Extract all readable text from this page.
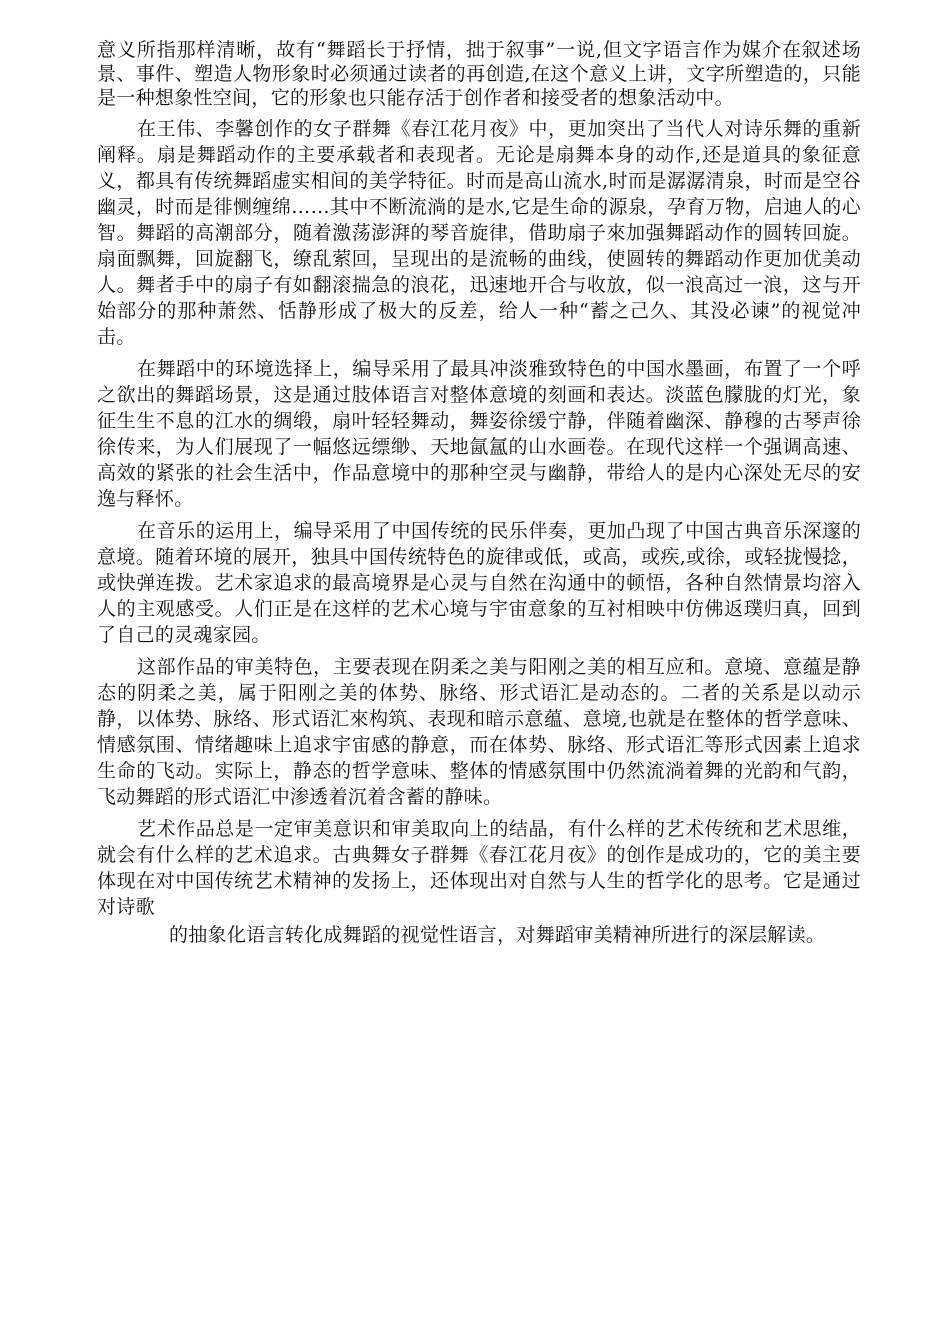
意义所指那样清晰，故有“舞蹈长于抒情，拙于叙事”一说,但文字语言作为媒介在叙述场景、事件、塑造人物形象时必须通过读者的再创造,在这个意义上讲，文字所塑造的，只能是一种想象性空间，它的形象也只能存活于创作者和接受者的想象活动中。

在王伟、李馨创作的女子群舞《春江花月夜》中，更加突出了当代人对诗乐舞的重新阐释。扇是舞蹈动作的主要承载者和表现者。无论是扇舞本身的动作,还是道具的象征意义，都具有传统舞蹈虚实相间的美学特征。时而是高山流水,时而是潺潺清泉，时而是空谷幽灵，时而是徘恻缠绵……其中不断流淌的是水,它是生命的源泉，孕育万物，启迪人的心智。舞蹈的高潮部分，随着激荡澎湃的琴音旋律，借助扇子來加强舞蹈动作的圆转回旋。扇面飘舞，回旋翻飞，缭乱萦回，呈现出的是流畅的曲线，使圆转的舞蹈动作更加优美动人。舞者手中的扇子有如翻滚揣急的浪花，迅速地开合与收放，似一浪高过一浪，这与开始部分的那种萧然、恬静形成了极大的反差，给人一种“蓄之己久、其没必谏”的视觉冲击。

在舞蹈中的环境选择上，编导采用了最具冲淡雅致特色的中国水墨画，布置了一个呼之欲出的舞蹈场景，这是通过肢体语言对整体意境的刻画和表达。淡蓝色朦胧的灯光，象征生生不息的江水的绸缎，扇叶轻轻舞动，舞姿徐缓宁静，伴随着幽深、静穆的古琴声徐徐传来，为人们展现了一幅悠远缥缈、天地氤氲的山水画卷。在现代这样一个强调高速、高效的紧张的社会生活中，作品意境中的那种空灵与幽静，带给人的是内心深处无尽的安逸与释怀。

在音乐的运用上，编导采用了中国传统的民乐伴奏，更加凸现了中国古典音乐深邃的意境。随着环境的展开，独具中国传统特色的旋律或低，或高，或疾,或徐，或轻拢慢捻，或快弹连拨。艺术家追求的最高境界是心灵与自然在沟通中的顿悟，各种自然情景均溶入人的主观感受。人们正是在这样的艺术心境与宇宙意象的互衬相映中仿佛返璞归真，回到了自己的灵魂家园。

这部作品的审美特色，主要表现在阴柔之美与阳刚之美的相互应和。意境、意蕴是静态的阴柔之美，属于阳刚之美的体势、脉络、形式语汇是动态的。二者的关系是以动示静，以体势、脉络、形式语汇來构筑、表现和暗示意蕴、意境,也就是在整体的哲学意味、情感氛围、情绪趣味上追求宇宙感的静意，而在体势、脉络、形式语汇等形式因素上追求生命的飞动。实际上，静态的哲学意味、整体的情感氛围中仍然流淌着舞的光韵和气韵，飞动舞蹈的形式语汇中渗透着沉着含蓄的静味。

艺术作品总是一定审美意识和审美取向上的结晶，有什么样的艺术传统和艺术思维，就会有什么样的艺术追求。古典舞女子群舞《春江花月夜》的创作是成功的，它的美主要体现在对中国传统艺术精神的发扬上，还体现出对自然与人生的哲学化的思考。它是通过对诗歌

的抽象化语言转化成舞蹈的视觉性语言，对舞蹈审美精神所进行的深层解读。
